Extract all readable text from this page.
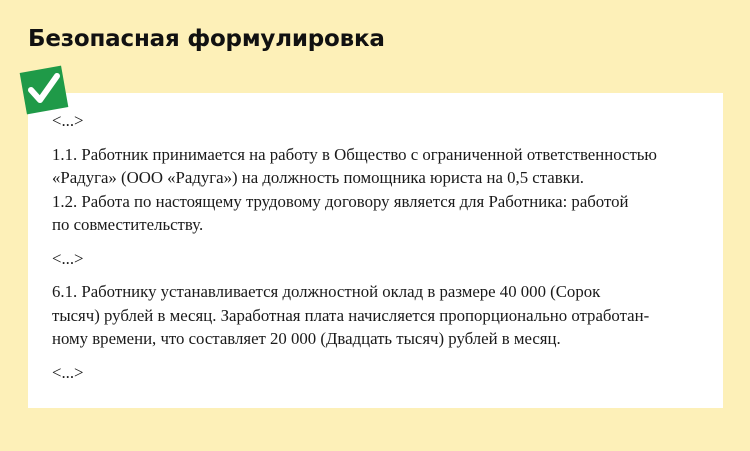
Безопасная формулировка

<...>

1.1. Работник принимается на работу в Общество с ограниченной ответственностью

«Радуга» (ООО «Радуга») на должность помощника юриста на 0,5 ставки.

1.2. Работа по настоящему трудовому договору является для Работника: работой

по совместительству.

<...>

6.1. Работнику устанавливается должностной оклад в размере 40 000 (Сорок

тысяч) рублей в месяц. Заработная плата начисляется пропорционально отработан-

ному времени, что составляет 20 000 (Двадцать тысяч) рублей в месяц.

<...>
